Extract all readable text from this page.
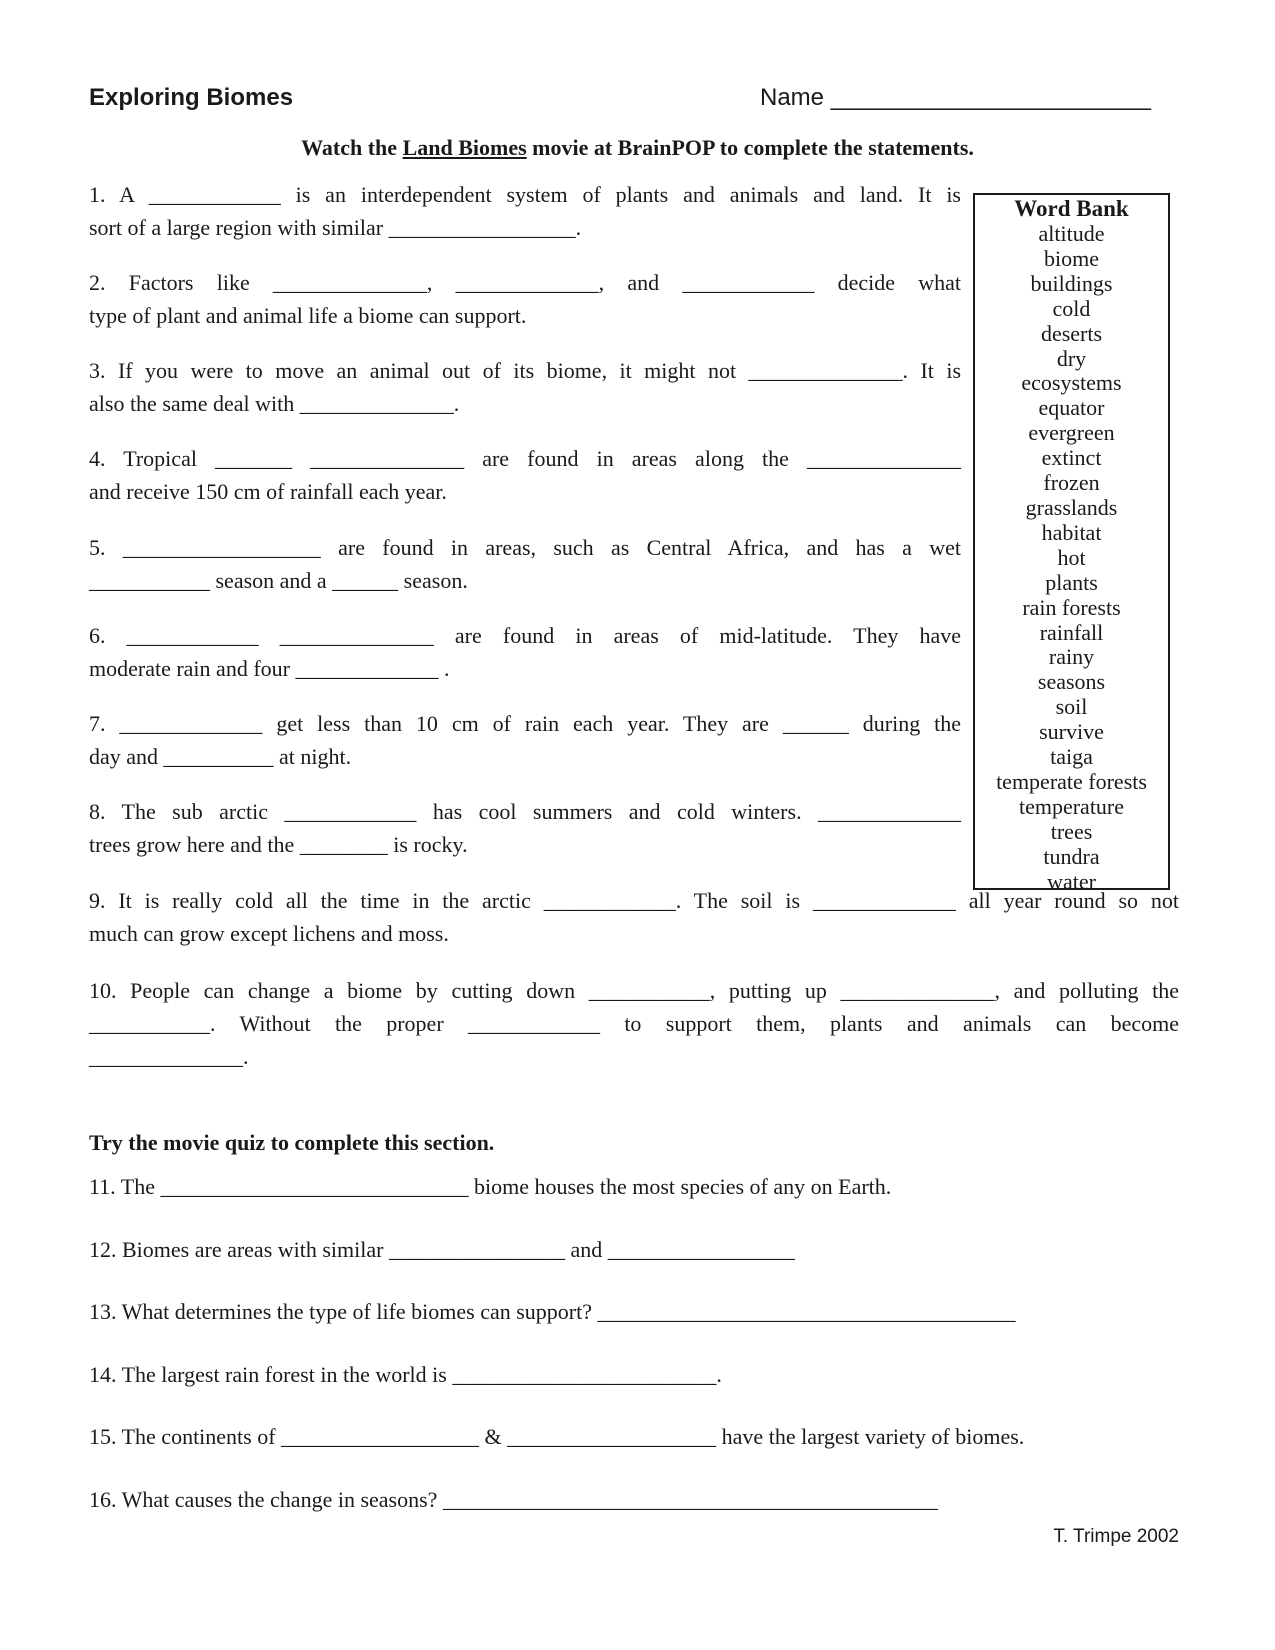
Exploring Biomes	Name ________________________
Watch the Land Biomes movie at BrainPOP to complete the statements.
1. A ____________ is an interdependent system of plants and animals and land. It is
sort of a large region with similar _________________.
2. Factors like ______________, _____________, and ____________ decide what
type of plant and animal life a biome can support.
3. If you were to move an animal out of its biome, it might not ______________. It is
also the same deal with ______________.
4. Tropical _______ ______________ are found in areas along the ______________
and receive 150 cm of rainfall each year.
5. __________________ are found in areas, such as Central Africa, and has a wet
___________ season and a ______ season.
6. ____________ ______________ are found in areas of mid-latitude. They have
moderate rain and four _____________ .
7. _____________ get less than 10 cm of rain each year. They are ______ during the
day and __________ at night.
8. The sub arctic ____________ has cool summers and cold winters. _____________
trees grow here and the ________ is rocky.
9. It is really cold all the time in the arctic ____________. The soil is _____________ all year round so not
much can grow except lichens and moss.
10. People can change a biome by cutting down ___________, putting up ______________, and polluting the
___________. Without the proper ____________ to support them, plants and animals can become
______________.
Word Bank
altitude
biome
buildings
cold
deserts
dry
ecosystems
equator
evergreen
extinct
frozen
grasslands
habitat
hot
plants
rain forests
rainfall
rainy
seasons
soil
survive
taiga
temperate forests
temperature
trees
tundra
water
Try the movie quiz to complete this section.
11. The ____________________________ biome houses the most species of any on Earth.
12. Biomes are areas with similar ________________ and _________________
13. What determines the type of life biomes can support? ______________________________________
14. The largest rain forest in the world is ________________________.
15. The continents of __________________ & ___________________ have the largest variety of biomes.
16. What causes the change in seasons? _____________________________________________
T. Trimpe 2002
